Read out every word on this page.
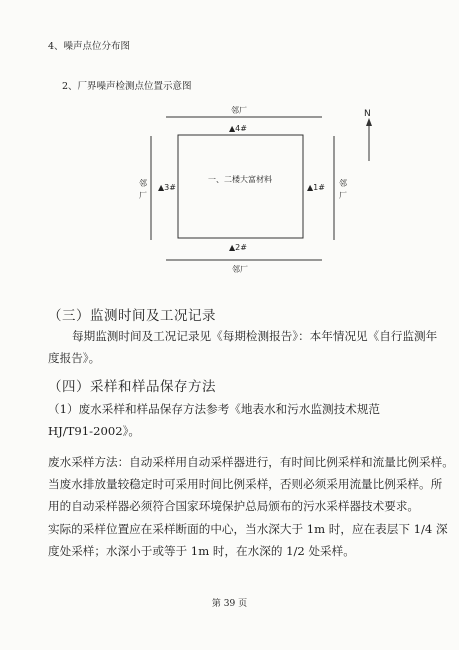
4、噪声点位分布图
2、厂界噪声检测点位置示意图
N
邻厂
邻厂
邻
厂
邻
厂
一、二楼大富材料
▲4#
▲1#
▲3#
▲2#
（三）监测时间及工况记录
每期监测时间及工况记录见《每期检测报告》：本年情况见《自行监测年
度报告》。
（四）采样和样品保存方法
（1）废水采样和样品保存方法参考《地表水和污水监测技术规范
HJ/T91-2002》。
废水采样方法：自动采样用自动采样器进行，有时间比例采样和流量比例采样。
当废水排放量较稳定时可采用时间比例采样，否则必须采用流量比例采样。所
用的自动采样器必须符合国家环境保护总局颁布的污水采样器技术要求。
实际的采样位置应在采样断面的中心，当水深大于 1m 时，应在表层下 1/4 深
度处采样；水深小于或等于 1m 时，在水深的 1/2 处采样。
第 39 页
